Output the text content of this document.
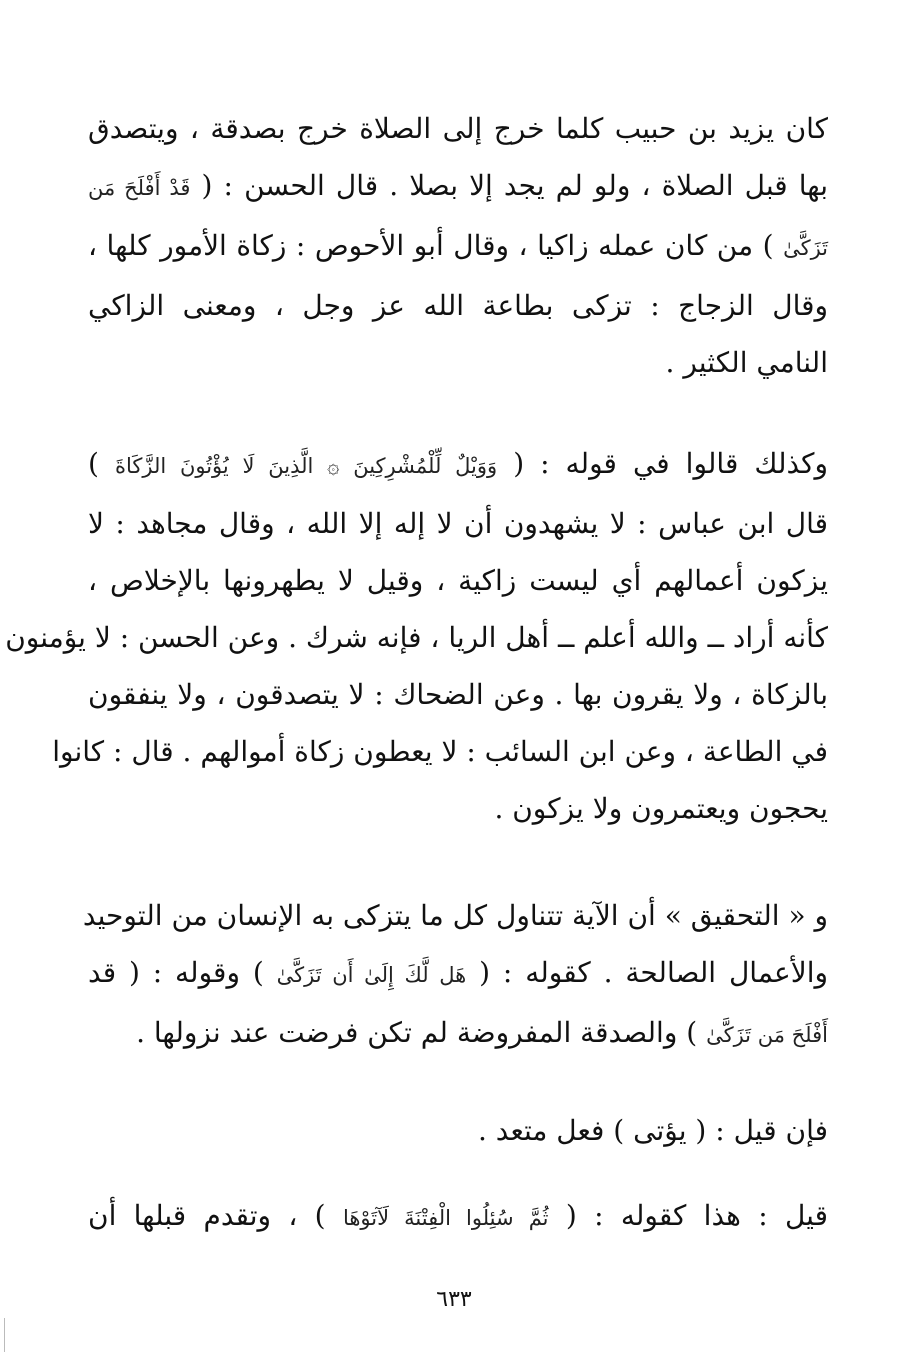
كان يزيد بن حبيب كلما خرج إلى الصلاة خرج بصدقة ، ويتصدق
بها قبل الصلاة ، ولو لم يجد إلا بصلا . قال الحسن : ( قَدْ أَفْلَحَ مَن
تَزَكَّىٰ ) من كان عمله زاكيا ، وقال أبو الأحوص : زكاة الأمور كلها ،
وقال الزجاج : تزكى بطاعة الله عز وجل ، ومعنى الزاكي
النامي الكثير .
وكذلك قالوا في قوله : ( وَوَيْلٌ لِّلْمُشْرِكِينَ ۞ الَّذِينَ لَا يُؤْتُونَ الزَّكَاةَ )
قال ابن عباس : لا يشهدون أن لا إله إلا الله ، وقال مجاهد : لا
يزكون أعمالهم أي ليست زاكية ، وقيل لا يطهرونها بالإخلاص ،
كأنه أراد ــ والله أعلم ــ أهل الريا ، فإنه شرك . وعن الحسن : لا يؤمنون
بالزكاة ، ولا يقرون بها . وعن الضحاك : لا يتصدقون ، ولا ينفقون
في الطاعة ، وعن ابن السائب : لا يعطون زكاة أموالهم . قال : كانوا
يحجون ويعتمرون ولا يزكون .
و « التحقيق » أن الآية تتناول كل ما يتزكى به الإنسان من التوحيد
والأعمال الصالحة . كقوله : ( هَل لَّكَ إِلَىٰ أَن تَزَكَّىٰ ) وقوله : ( قد
أَفْلَحَ مَن تَزَكَّىٰ ) والصدقة المفروضة لم تكن فرضت عند نزولها .
فإن قيل : ( يؤتى ) فعل متعد .
قيل : هذا كقوله : ( ثُمَّ سُئِلُوا الْفِتْنَةَ لَآتَوْهَا ) ، وتقدم قبلها أن
٦٣٣
